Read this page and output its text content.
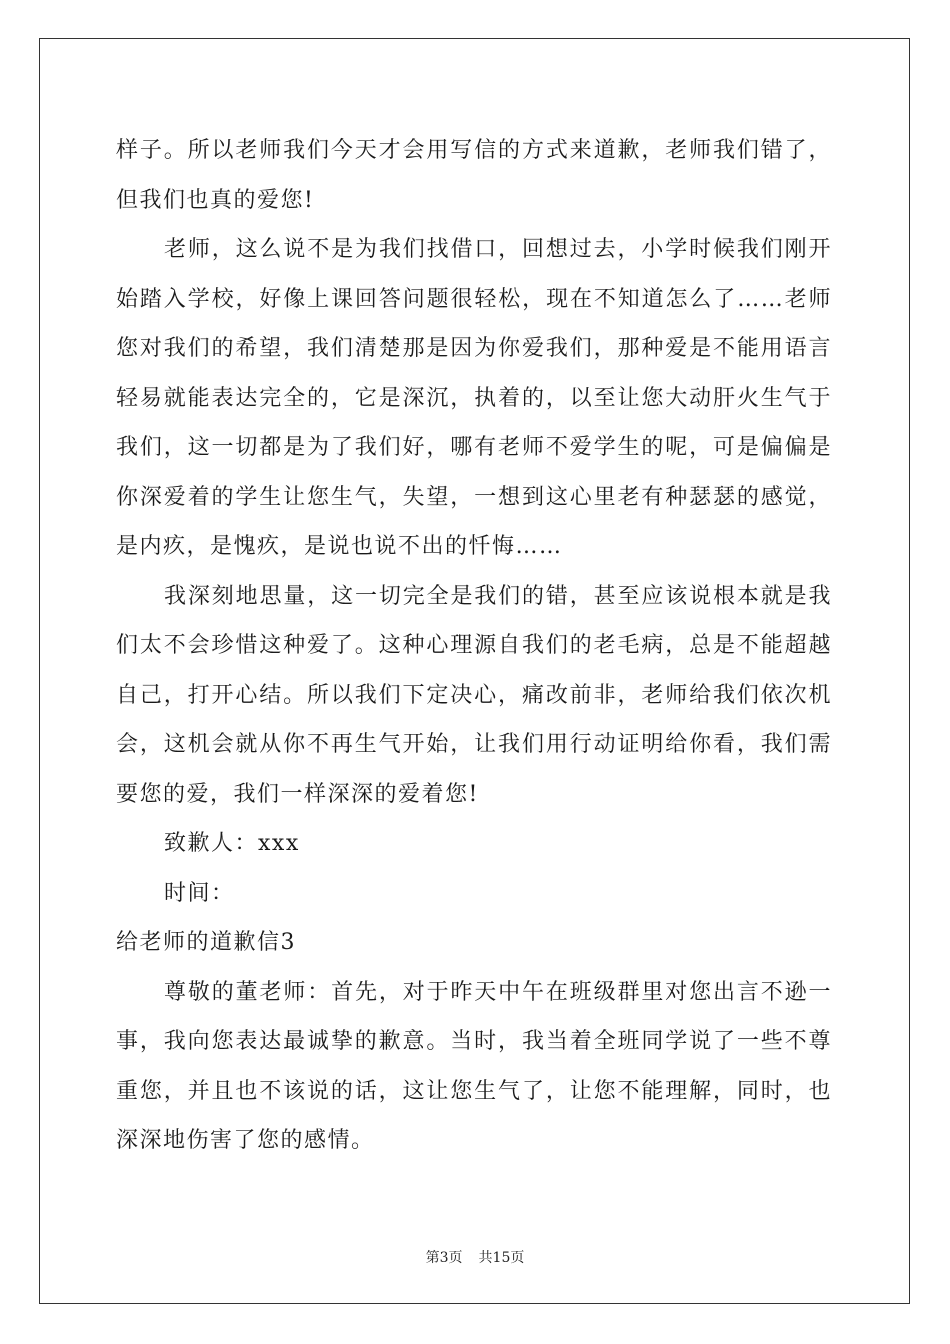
样子。所以老师我们今天才会用写信的方式来道歉，老师我们错了，但我们也真的爱您!

老师，这么说不是为我们找借口，回想过去，小学时候我们刚开始踏入学校，好像上课回答问题很轻松，现在不知道怎么了……老师您对我们的希望，我们清楚那是因为你爱我们，那种爱是不能用语言轻易就能表达完全的，它是深沉，执着的，以至让您大动肝火生气于我们，这一切都是为了我们好，哪有老师不爱学生的呢，可是偏偏是你深爱着的学生让您生气，失望，一想到这心里老有种瑟瑟的感觉，是内疚，是愧疚，是说也说不出的忏悔……

我深刻地思量，这一切完全是我们的错，甚至应该说根本就是我们太不会珍惜这种爱了。这种心理源自我们的老毛病，总是不能超越自己，打开心结。所以我们下定决心，痛改前非，老师给我们依次机会，这机会就从你不再生气开始，让我们用行动证明给你看，我们需要您的爱，我们一样深深的爱着您!

致歉人：xxx

时间：

给老师的道歉信3

尊敬的董老师：首先，对于昨天中午在班级群里对您出言不逊一事，我向您表达最诚挚的歉意。当时，我当着全班同学说了一些不尊重您，并且也不该说的话，这让您生气了，让您不能理解，同时，也深深地伤害了您的感情。

第3页 共15页
